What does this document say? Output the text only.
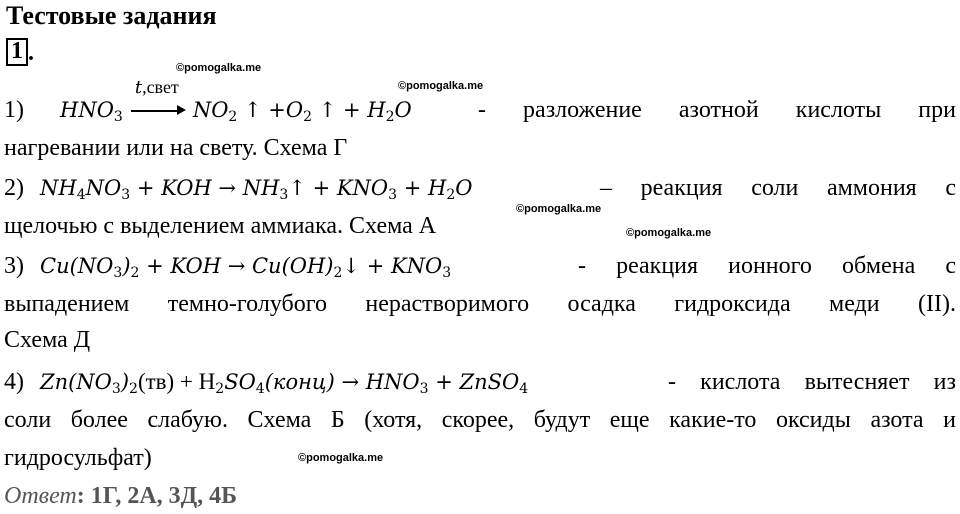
Тестовые задания
1 .
©pomogalka.me
©pomogalka.me
©pomogalka.me
©pomogalka.me
©pomogalka.me
1) $HNO_3$
t,свет
$NO_2$ ↑ $+O_2$ ↑ + $H_2O$	- разложение азотной кислоты при
нагревании или на свету. Схема Г
2) $NH_4NO_3$ + KOH → $NH_3↑ + KNO_3 + H_2O$	– реакция соли аммония с
щелочью с выделением аммиака. Схема А
3) $Cu(NO_3)_2$ + KOH → $Cu(OH)_2↓ + KNO_3$	- реакция ионного обмена с
выпадением темно-голубого нерастворимого осадка гидроксида меди (II).
Схема Д
4) $Zn(NO_3)_2(тв)$ + $H_2SO_4(конц) \to HNO_3$ + ZnSO$_4$	- кислота вытесняет из
соли более слабую. Схема Б (хотя, скорее, будут еще какие-то оксиды азота и
гидросульфат)
Ответ: 1Г, 2А, 3Д, 4Б
